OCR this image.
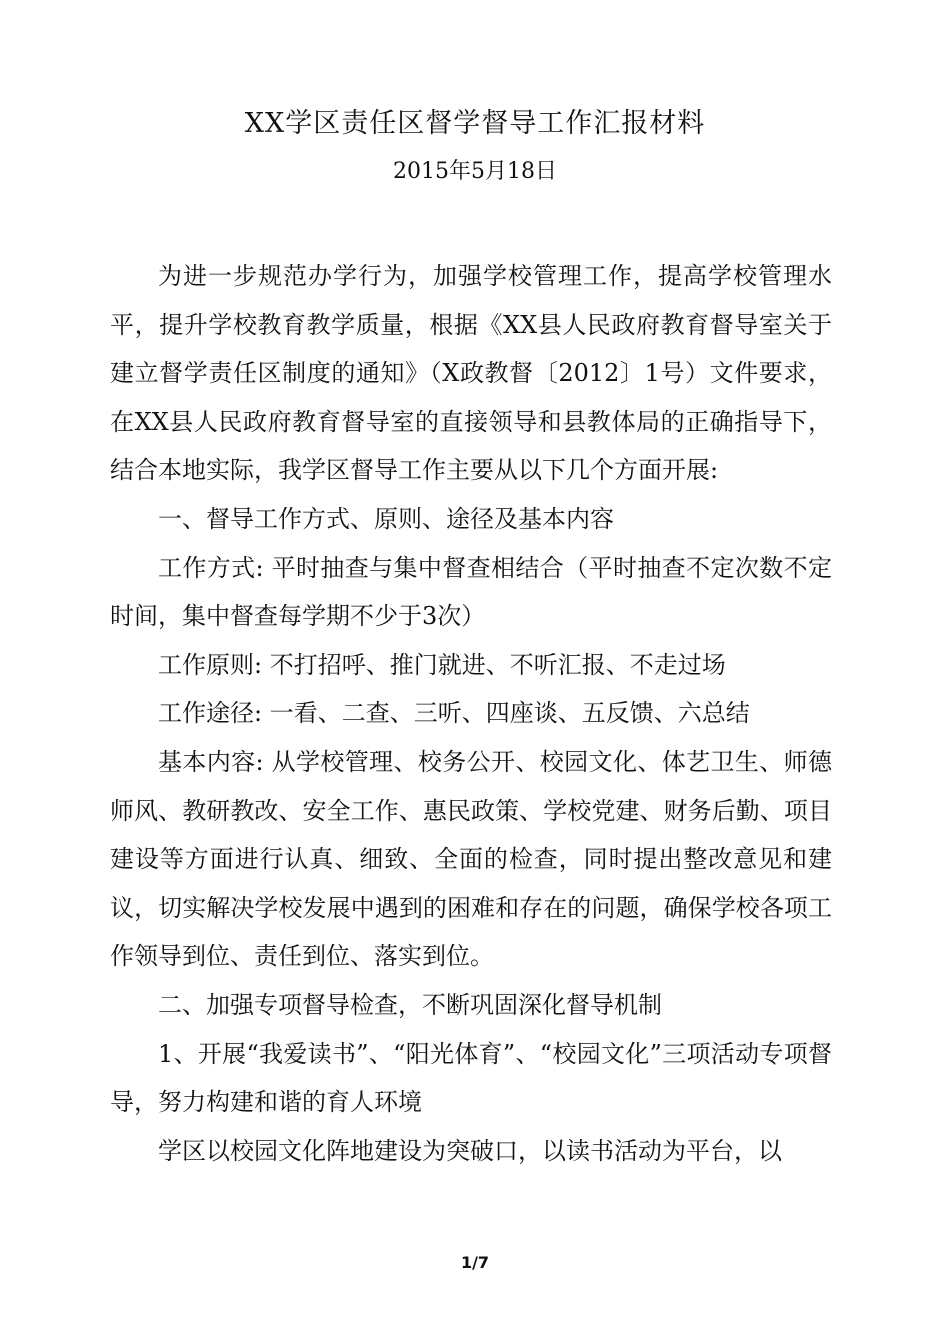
XX学区责任区督学督导工作汇报材料
2015年5月18日

为进一步规范办学行为，加强学校管理工作，提高学校管理水平，提升学校教育教学质量，根据《XX县人民政府教育督导室关于建立督学责任区制度的通知》（X政教督〔2012〕1号）文件要求，在XX县人民政府教育督导室的直接领导和县教体局的正确指导下，结合本地实际，我学区督导工作主要从以下几个方面开展:

一、督导工作方式、原则、途径及基本内容

工作方式: 平时抽查与集中督查相结合（平时抽查不定次数不定时间，集中督查每学期不少于3次）

工作原则: 不打招呼、推门就进、不听汇报、不走过场

工作途径: 一看、二查、三听、四座谈、五反馈、六总结

基本内容: 从学校管理、校务公开、校园文化、体艺卫生、师德师风、教研教改、安全工作、惠民政策、学校党建、财务后勤、项目建设等方面进行认真、细致、全面的检查，同时提出整改意见和建议，切实解决学校发展中遇到的困难和存在的问题，确保学校各项工作领导到位、责任到位、落实到位。

二、加强专项督导检查，不断巩固深化督导机制

1、开展“我爱读书”、“阳光体育”、“校园文化”三项活动专项督导，努力构建和谐的育人环境

学区以校园文化阵地建设为突破口，以读书活动为平台，以

1/7
